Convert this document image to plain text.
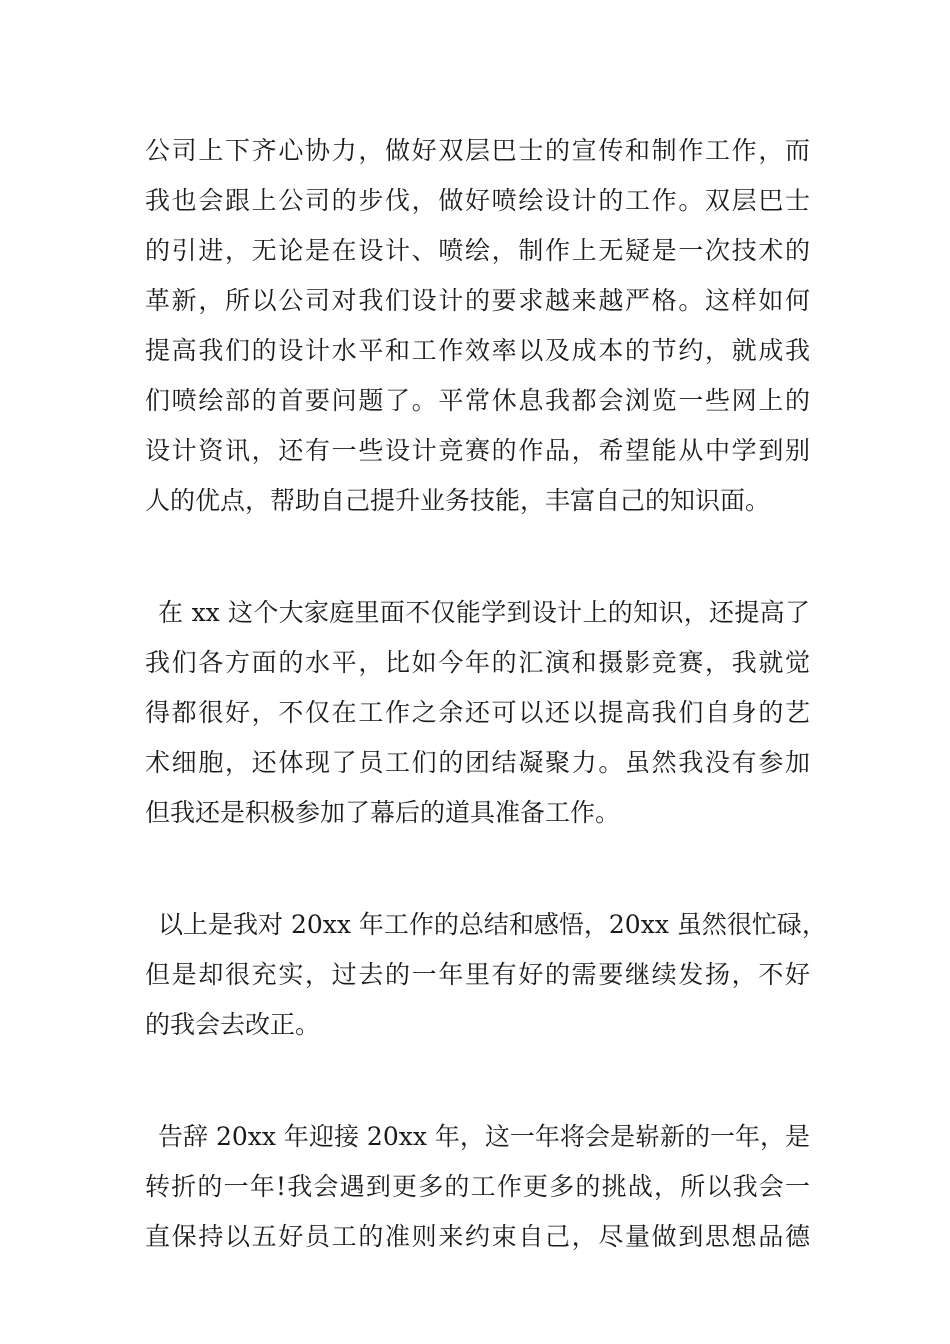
公司上下齐心协力，做好双层巴士的宣传和制作工作，而
我也会跟上公司的步伐，做好喷绘设计的工作。双层巴士
的引进，无论是在设计、喷绘，制作上无疑是一次技术的
革新，所以公司对我们设计的要求越来越严格。这样如何
提高我们的设计水平和工作效率以及成本的节约，就成我
们喷绘部的首要问题了。平常休息我都会浏览一些网上的
设计资讯，还有一些设计竞赛的作品，希望能从中学到别
人的优点，帮助自己提升业务技能，丰富自己的知识面。
在 xx 这个大家庭里面不仅能学到设计上的知识，还提高了
我们各方面的水平，比如今年的汇演和摄影竞赛，我就觉
得都很好，不仅在工作之余还可以还以提高我们自身的艺
术细胞，还体现了员工们的团结凝聚力。虽然我没有参加
但我还是积极参加了幕后的道具准备工作。
以上是我对 20xx 年工作的总结和感悟，20xx 虽然很忙碌，
但是却很充实，过去的一年里有好的需要继续发扬，不好
的我会去改正。
告辞 20xx 年迎接 20xx 年，这一年将会是崭新的一年，是
转折的一年!我会遇到更多的工作更多的挑战，所以我会一
直保持以五好员工的准则来约束自己，尽量做到思想品德
